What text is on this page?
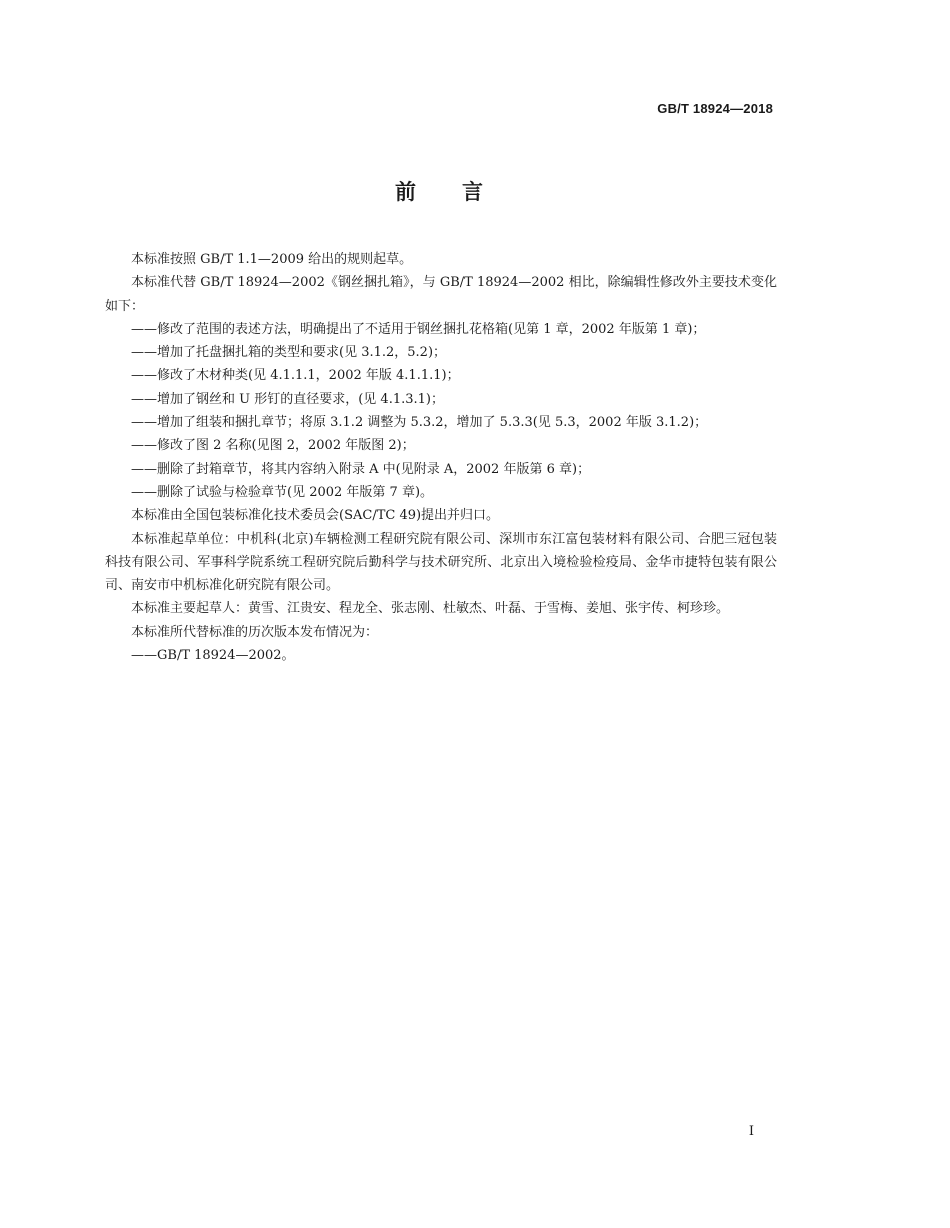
GB/T 18924—2018
前言

本标准按照 GB/T 1.1—2009 给出的规则起草。

本标准代替 GB/T 18924—2002《钢丝捆扎箱》，与 GB/T 18924—2002 相比，除编辑性修改外主要技术变化如下：

——修改了范围的表述方法，明确提出了不适用于钢丝捆扎花格箱(见第 1 章，2002 年版第 1 章)；

——增加了托盘捆扎箱的类型和要求(见 3.1.2，5.2)；

——修改了木材种类(见 4.1.1.1，2002 年版 4.1.1.1)；

——增加了钢丝和 U 形钉的直径要求，(见 4.1.3.1)；

——增加了组装和捆扎章节；将原 3.1.2 调整为 5.3.2，增加了 5.3.3(见 5.3，2002 年版 3.1.2)；

——修改了图 2 名称(见图 2，2002 年版图 2)；

——删除了封箱章节，将其内容纳入附录 A 中(见附录 A，2002 年版第 6 章)；

——删除了试验与检验章节(见 2002 年版第 7 章)。

本标准由全国包装标准化技术委员会(SAC/TC 49)提出并归口。

本标准起草单位：中机科(北京)车辆检测工程研究院有限公司、深圳市东江富包装材料有限公司、合肥三冠包装科技有限公司、军事科学院系统工程研究院后勤科学与技术研究所、北京出入境检验检疫局、金华市捷特包装有限公司、南安市中机标准化研究院有限公司。

本标准主要起草人：黄雪、江贵安、程龙全、张志刚、杜敏杰、叶磊、于雪梅、姜旭、张宇传、柯珍珍。

本标准所代替标准的历次版本发布情况为：

——GB/T 18924—2002。

I
